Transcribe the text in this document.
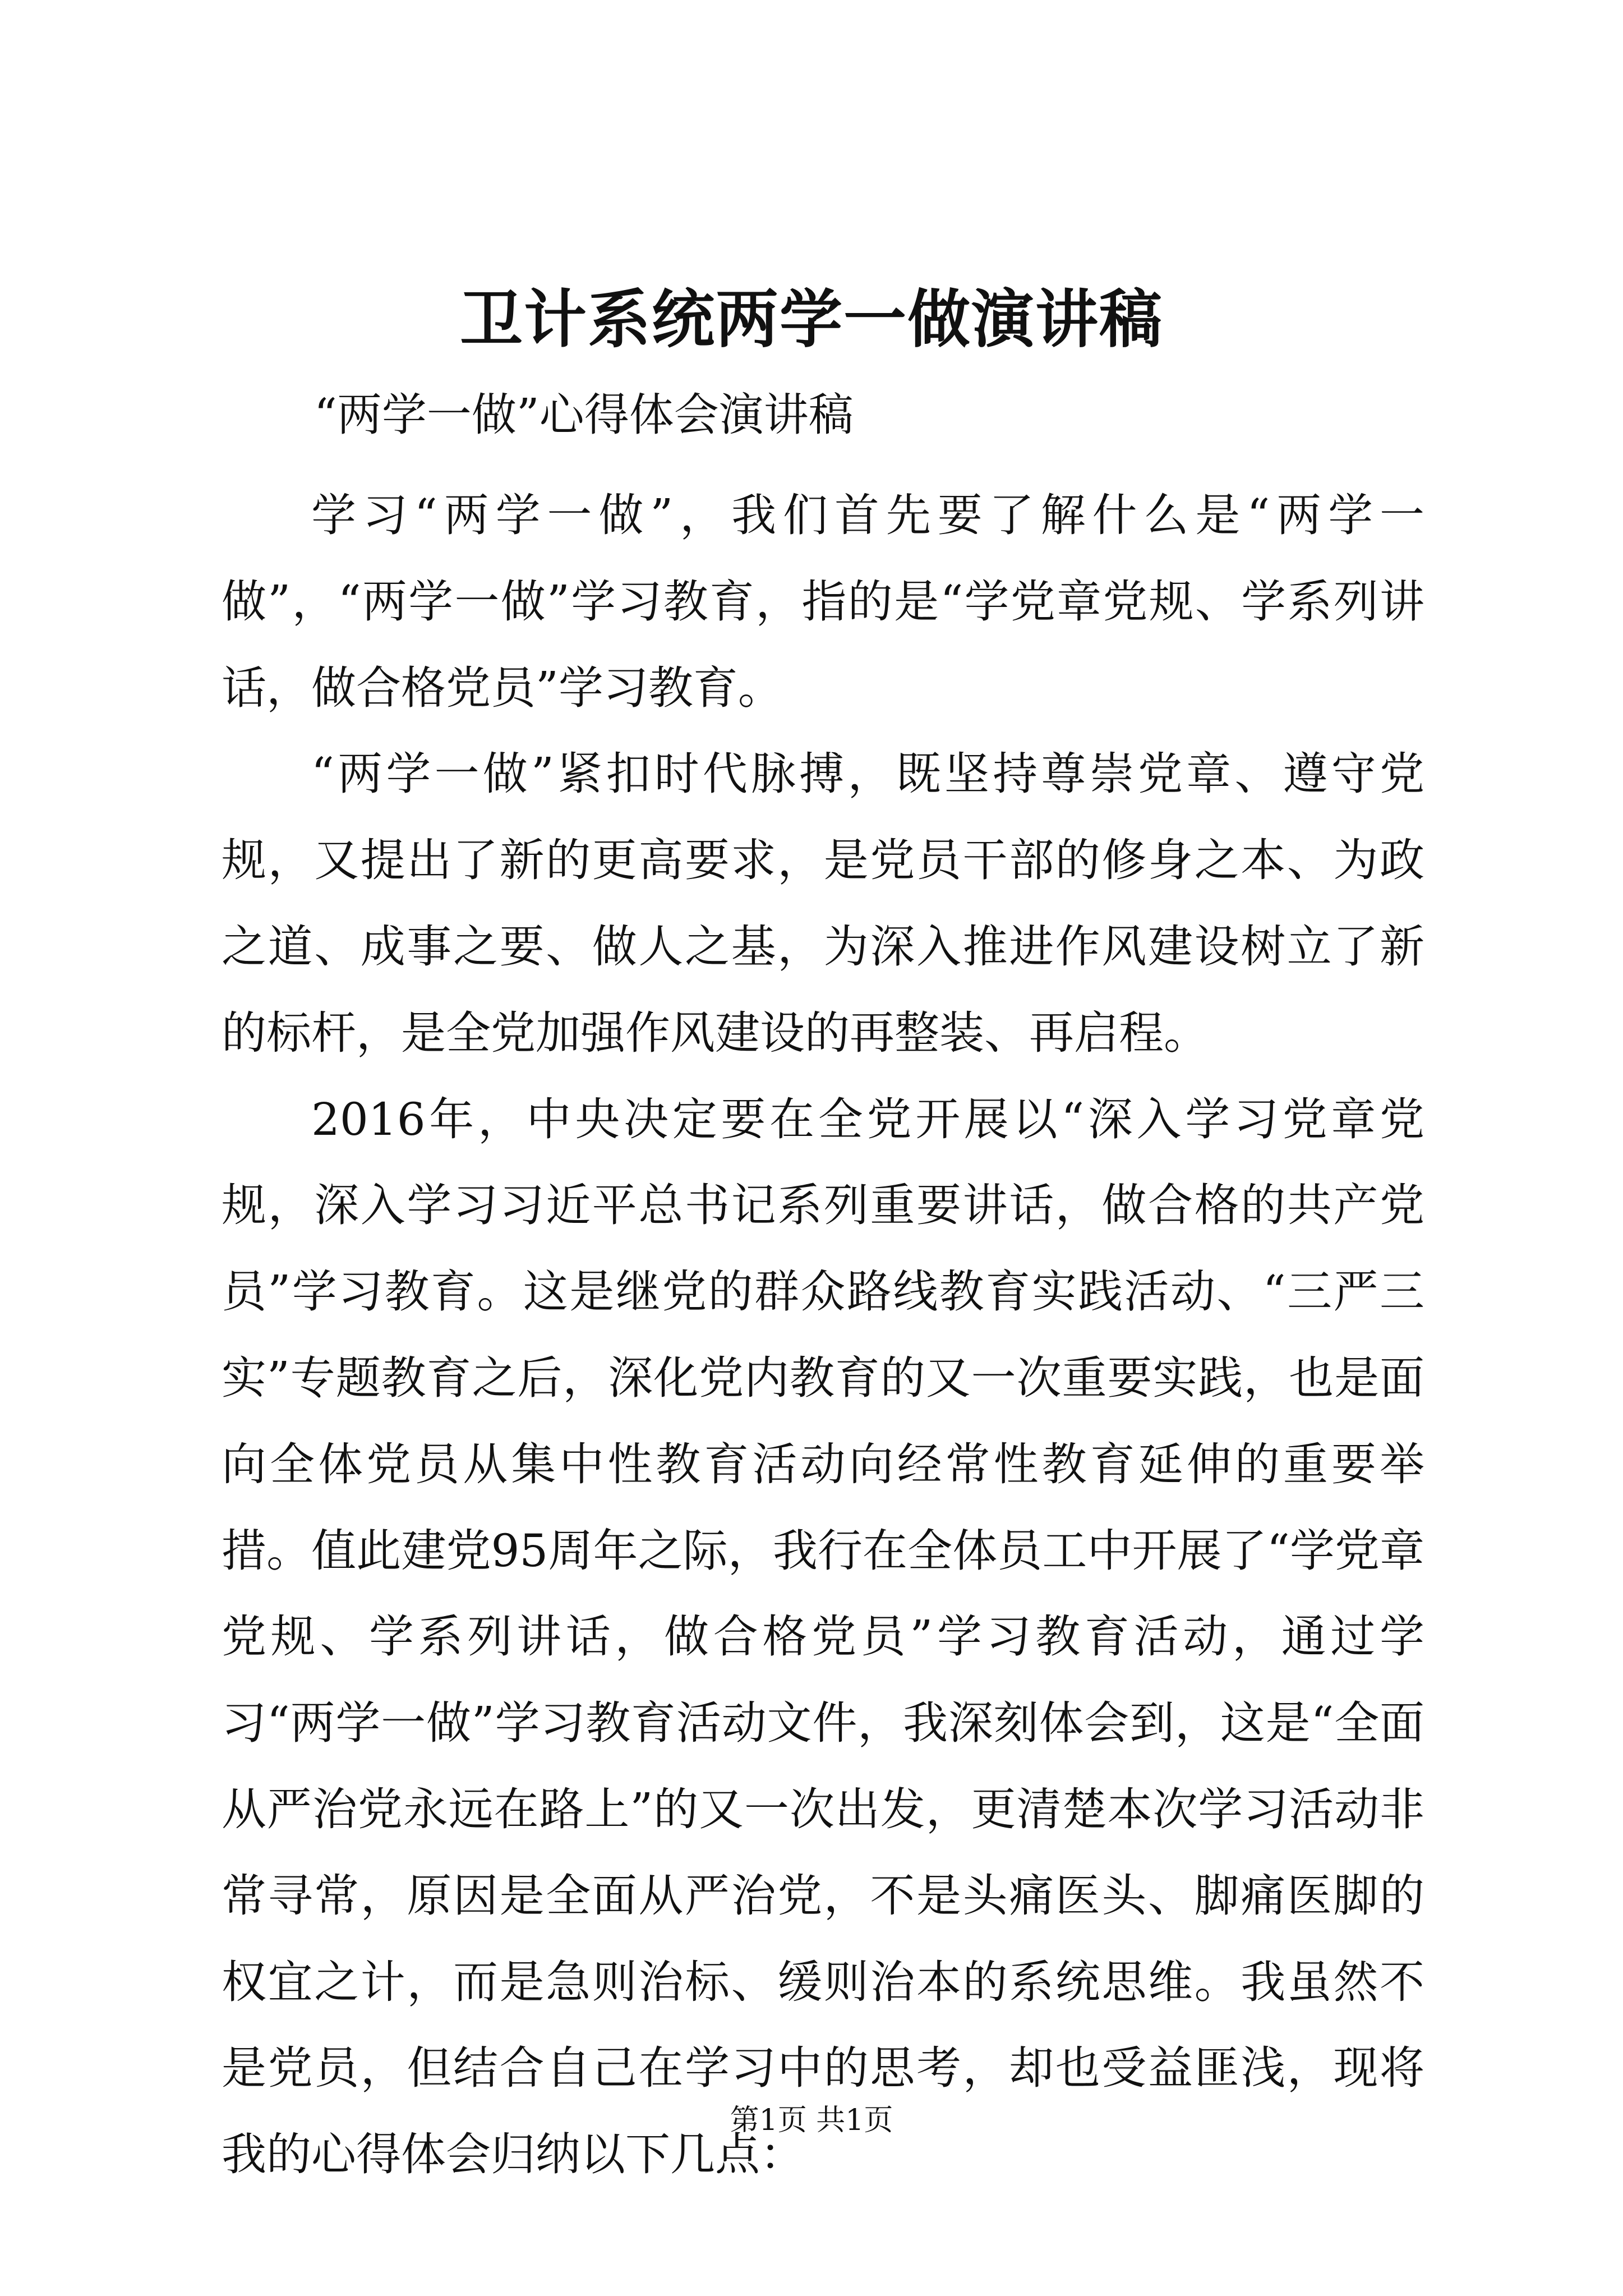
卫计系统两学一做演讲稿
“两学一做”心得体会演讲稿

学习“两学一做”，我们首先要了解什么是“两学一做”，“两学一做”学习教育，指的是“学党章党规、学系列讲话，做合格党员”学习教育。

“两学一做”紧扣时代脉搏，既坚持尊崇党章、遵守党规，又提出了新的更高要求，是党员干部的修身之本、为政之道、成事之要、做人之基，为深入推进作风建设树立了新的标杆，是全党加强作风建设的再整装、再启程。

2016年，中央决定要在全党开展以“深入学习党章党规，深入学习习近平总书记系列重要讲话，做合格的共产党员”学习教育。这是继党的群众路线教育实践活动、“三严三实”专题教育之后，深化党内教育的又一次重要实践，也是面向全体党员从集中性教育活动向经常性教育延伸的重要举措。值此建党95周年之际，我行在全体员工中开展了“学党章党规、学系列讲话，做合格党员”学习教育活动，通过学习“两学一做”学习教育活动文件，我深刻体会到，这是“全面从严治党永远在路上”的又一次出发，更清楚本次学习活动非常寻常，原因是全面从严治党，不是头痛医头、脚痛医脚的权宜之计，而是急则治标、缓则治本的系统思维。我虽然不是党员，但结合自己在学习中的思考，却也受益匪浅，现将我的心得体会归纳以下几点：

第1页 共1页
